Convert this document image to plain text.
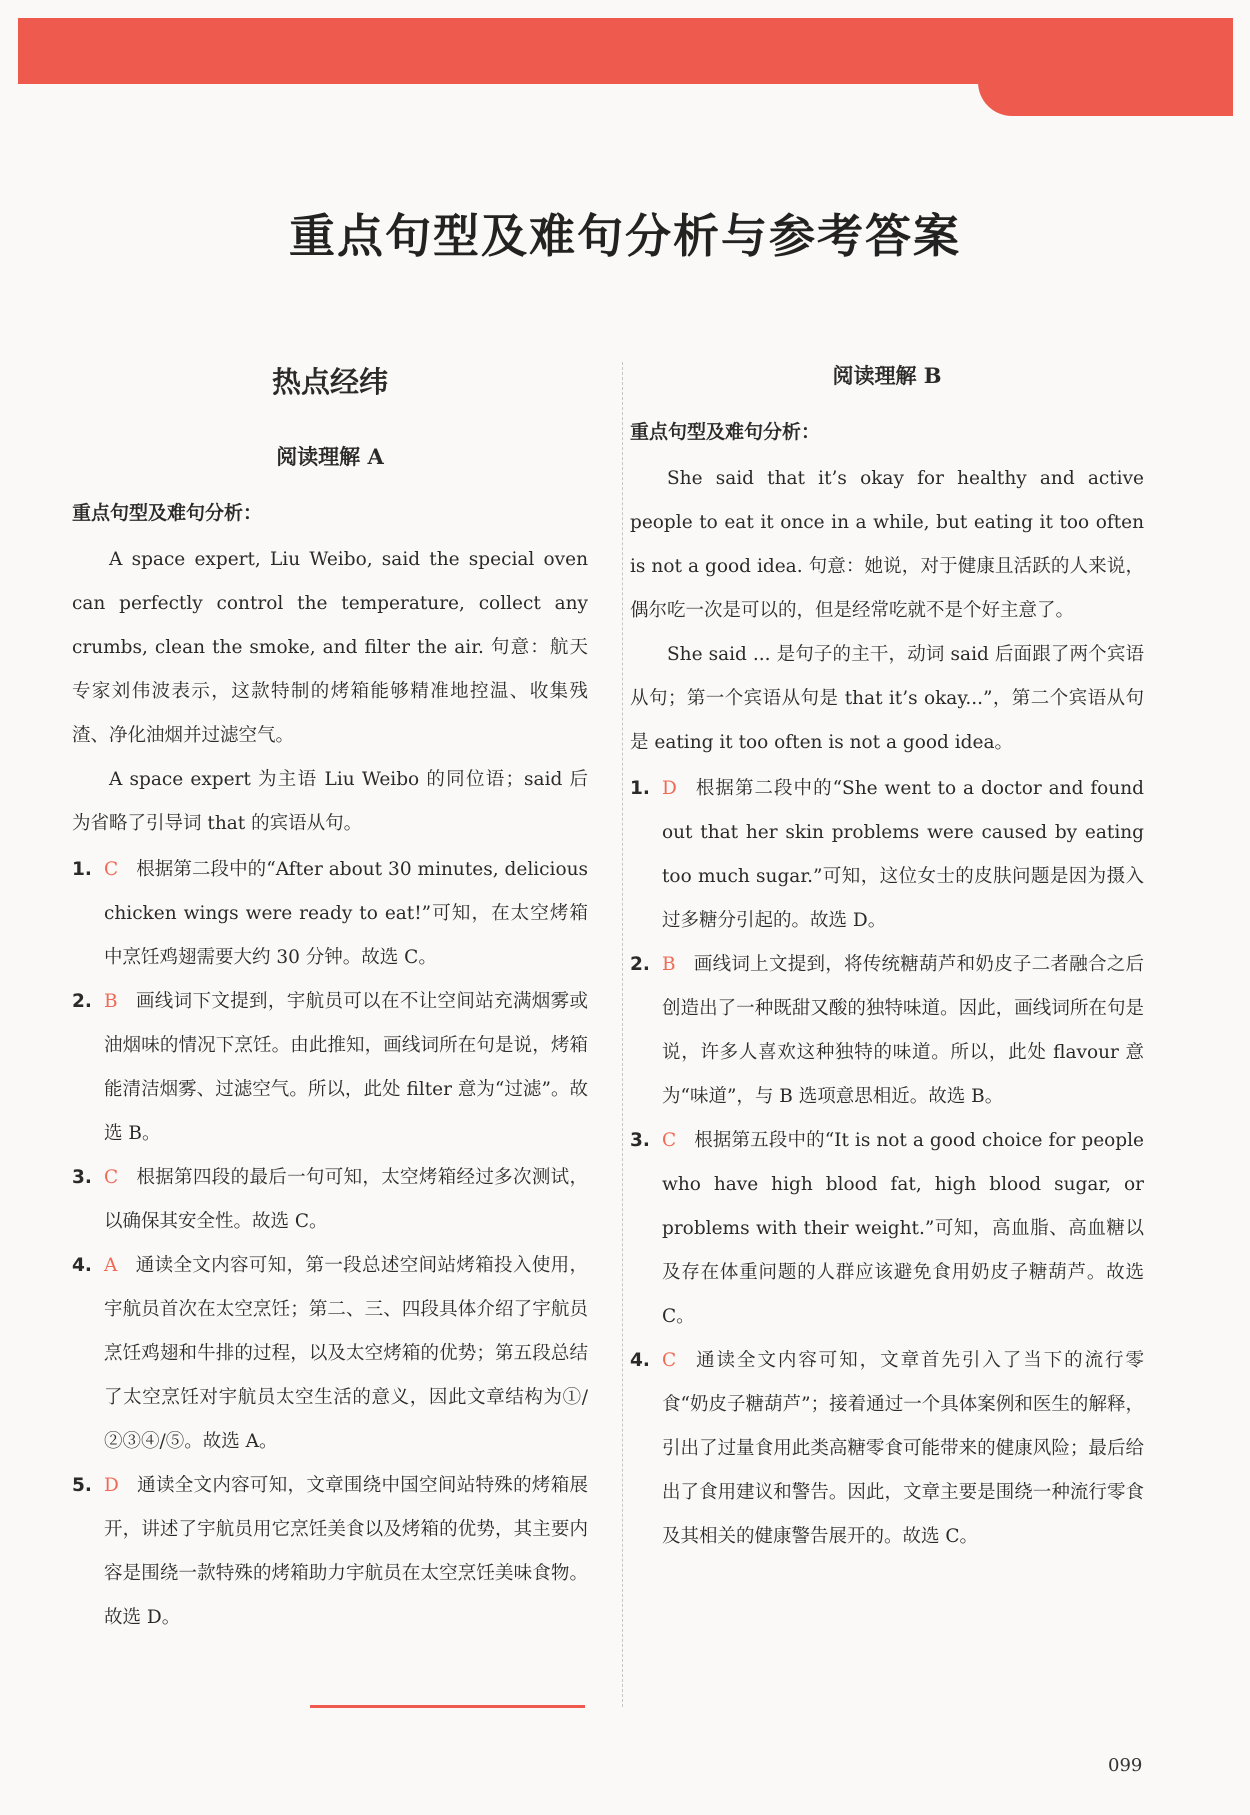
重点句型及难句分析与参考答案
热点经纬
阅读理解 A
重点句型及难句分析：

A space expert, Liu Weibo, said the special oven can perfectly control the temperature, collect any crumbs, clean the smoke, and filter the air. 句意：航天专家刘伟波表示，这款特制的烤箱能够精准地控温、收集残渣、净化油烟并过滤空气。

A space expert 为主语 Liu Weibo 的同位语；said 后为省略了引导词 that 的宾语从句。

1. C 根据第二段中的“After about 30 minutes, delicious chicken wings were ready to eat!”可知，在太空烤箱中烹饪鸡翅需要大约 30 分钟。故选 C。
2. B 画线词下文提到，宇航员可以在不让空间站充满烟雾或油烟味的情况下烹饪。由此推知，画线词所在句是说，烤箱能清洁烟雾、过滤空气。所以，此处 filter 意为“过滤”。故选 B。
3. C 根据第四段的最后一句可知，太空烤箱经过多次测试，以确保其安全性。故选 C。
4. A 通读全文内容可知，第一段总述空间站烤箱投入使用，宇航员首次在太空烹饪；第二、三、四段具体介绍了宇航员烹饪鸡翅和牛排的过程，以及太空烤箱的优势；第五段总结了太空烹饪对宇航员太空生活的意义，因此文章结构为①/②③④/⑤。故选 A。
5. D 通读全文内容可知，文章围绕中国空间站特殊的烤箱展开，讲述了宇航员用它烹饪美食以及烤箱的优势，其主要内容是围绕一款特殊的烤箱助力宇航员在太空烹饪美味食物。故选 D。
阅读理解 B
重点句型及难句分析：

She said that it’s okay for healthy and active people to eat it once in a while, but eating it too often is not a good idea. 句意：她说，对于健康且活跃的人来说，偶尔吃一次是可以的，但是经常吃就不是个好主意了。

She said ... 是句子的主干，动词 said 后面跟了两个宾语从句；第一个宾语从句是 that it’s okay...”，第二个宾语从句是 eating it too often is not a good idea。

1. D 根据第二段中的“She went to a doctor and found out that her skin problems were caused by eating too much sugar.”可知，这位女士的皮肤问题是因为摄入过多糖分引起的。故选 D。
2. B 画线词上文提到，将传统糖葫芦和奶皮子二者融合之后创造出了一种既甜又酸的独特味道。因此，画线词所在句是说，许多人喜欢这种独特的味道。所以，此处 flavour 意为“味道”，与 B 选项意思相近。故选 B。
3. C 根据第五段中的“It is not a good choice for people who have high blood fat, high blood sugar, or problems with their weight.”可知，高血脂、高血糖以及存在体重问题的人群应该避免食用奶皮子糖葫芦。故选 C。
4. C 通读全文内容可知，文章首先引入了当下的流行零食“奶皮子糖葫芦”；接着通过一个具体案例和医生的解释，引出了过量食用此类高糖零食可能带来的健康风险；最后给出了食用建议和警告。因此，文章主要是围绕一种流行零食及其相关的健康警告展开的。故选 C。
099
